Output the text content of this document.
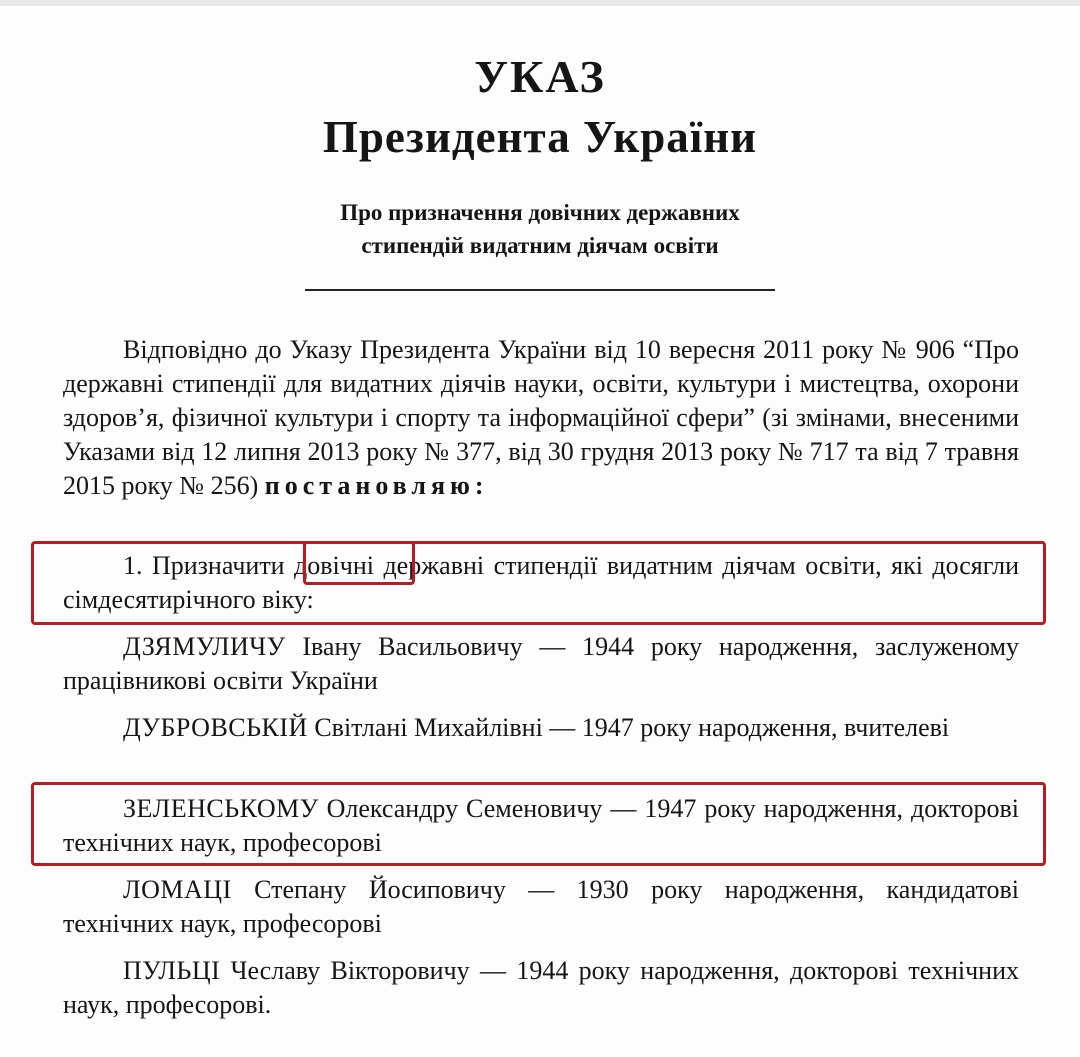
УКАЗ
Президента України
Про призначення довічних державних
стипендій видатним діячам освіти
Відповідно до Указу Президента України від 10 вересня 2011 року № 906 “Про державні стипендії для видатних діячів науки, освіти, культури і мистецтва, охорони здоров’я, фізичної культури і спорту та інформаційної сфери” (зі змінами, внесеними Указами від 12 липня 2013 року № 377, від 30 грудня 2013 року № 717 та від 7 травня 2015 року № 256) постановляю:
1. Призначити довічні державні стипендії видатним діячам освіти, які досягли сімдесятирічного віку:
ДЗЯМУЛИЧУ Івану Васильовичу — 1944 року народження, заслуженому працівникові освіти України
ДУБРОВСЬКІЙ Світлані Михайлівні — 1947 року народження, вчителеві
ЗЕЛЕНСЬКОМУ Олександру Семеновичу — 1947 року народження, докторові технічних наук, професорові
ЛОМАЦІ Степану Йосиповичу — 1930 року народження, кандидатові технічних наук, професорові
ПУЛЬЦІ Чеславу Вікторовичу — 1944 року народження, докторові технічних наук, професорові.
